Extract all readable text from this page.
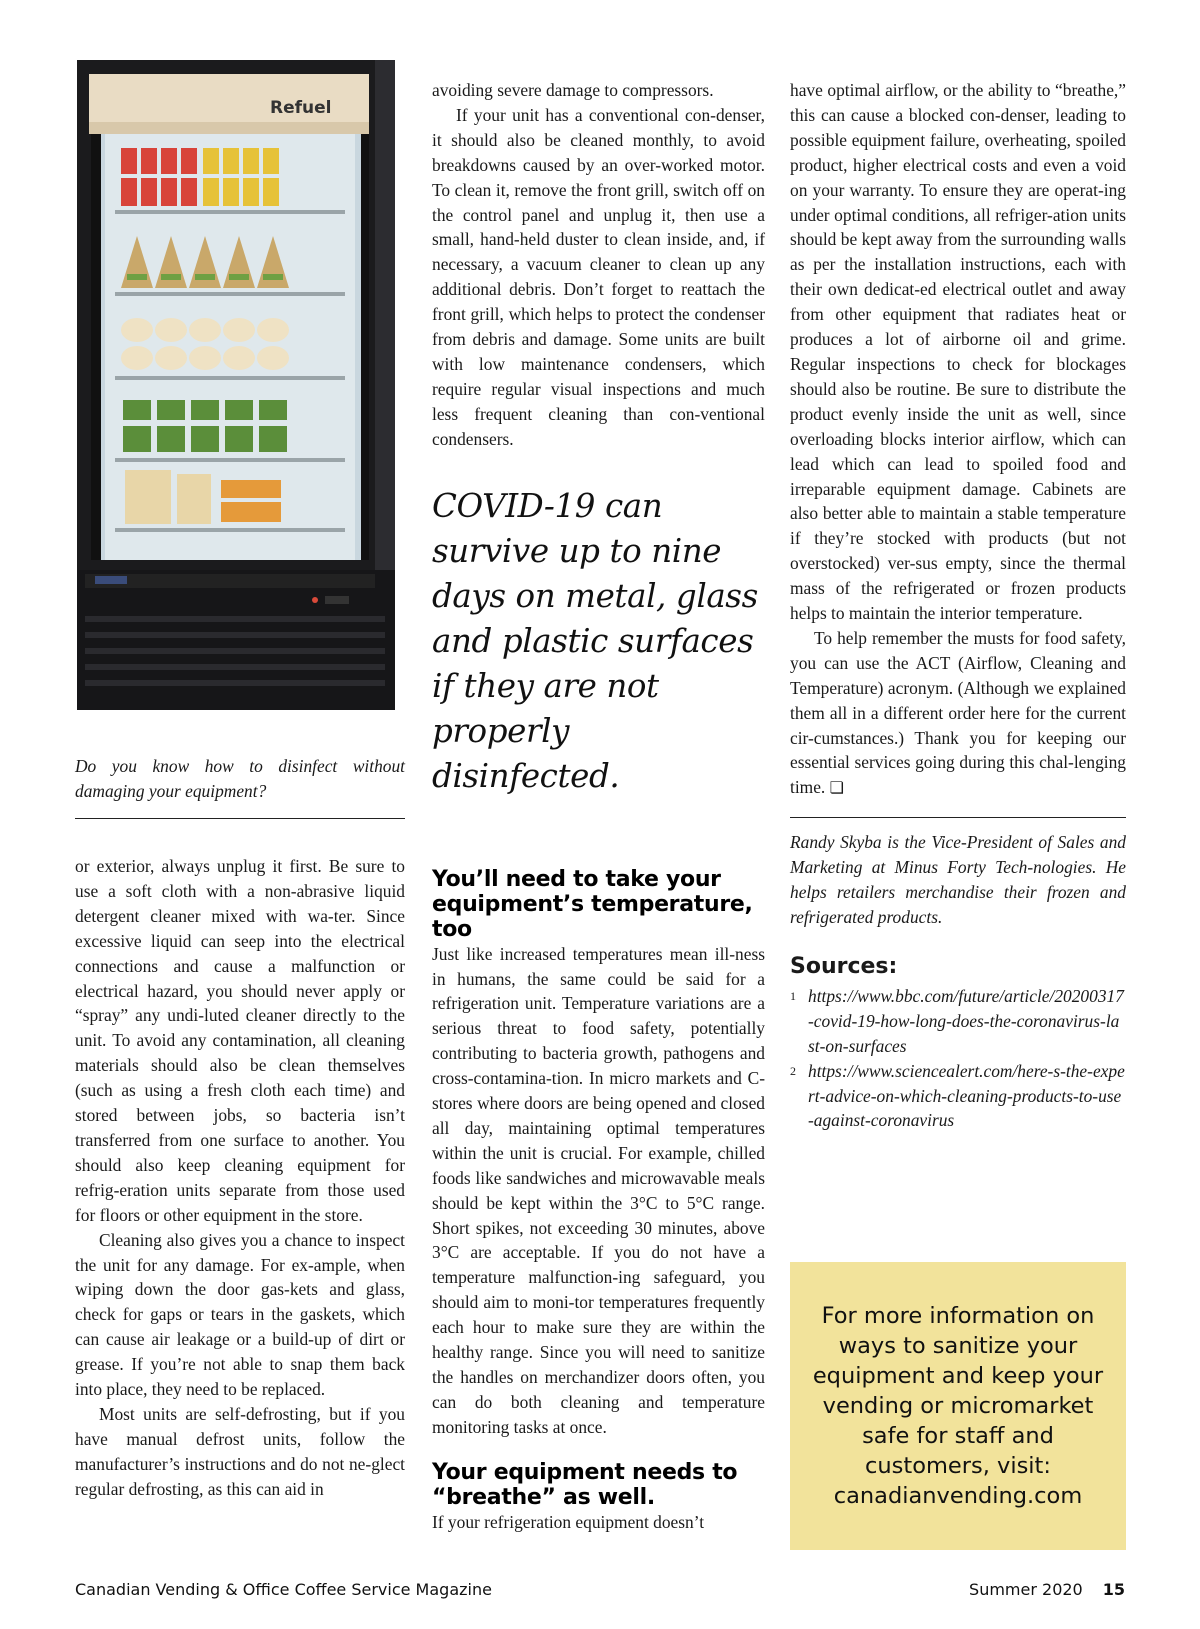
Refuel
Do you know how to disinfect without damaging your equipment?

or exterior, always unplug it first. Be sure to use a soft cloth with a non-abrasive liquid detergent cleaner mixed with wa-ter. Since excessive liquid can seep into the electrical connections and cause a malfunction or electrical hazard, you should never apply or “spray” any undi-luted cleaner directly to the unit. To avoid any contamination, all cleaning materials should also be clean themselves (such as using a fresh cloth each time) and stored between jobs, so bacteria isn’t transferred from one surface to another. You should also keep cleaning equipment for refrig-eration units separate from those used for floors or other equipment in the store.

Cleaning also gives you a chance to inspect the unit for any damage. For ex-ample, when wiping down the door gas-kets and glass, check for gaps or tears in the gaskets, which can cause air leakage or a build-up of dirt or grease. If you’re not able to snap them back into place, they need to be replaced.

Most units are self-defrosting, but if you have manual defrost units, follow the manufacturer’s instructions and do not ne-glect regular defrosting, as this can aid in

avoiding severe damage to compressors.

If your unit has a conventional con-denser, it should also be cleaned monthly, to avoid breakdowns caused by an over-worked motor. To clean it, remove the front grill, switch off on the control panel and unplug it, then use a small, hand-held duster to clean inside, and, if necessary, a vacuum cleaner to clean up any additional debris. Don’t forget to reattach the front grill, which helps to protect the condenser from debris and damage. Some units are built with low maintenance condensers, which require regular visual inspections and much less frequent cleaning than con-ventional condensers.

COVID-19 can survive up to nine days on metal, glass and plastic surfaces if they are not properly disinfected.
You’ll need to take your equipment’s temperature, too

Just like increased temperatures mean ill-ness in humans, the same could be said for a refrigeration unit. Temperature variations are a serious threat to food safety, potentially contributing to bacteria growth, pathogens and cross-contamina-tion. In micro markets and C-stores where doors are being opened and closed all day, maintaining optimal temperatures within the unit is crucial. For example, chilled foods like sandwiches and microwavable meals should be kept within the 3°C to 5°C range. Short spikes, not exceeding 30 minutes, above 3°C are acceptable. If you do not have a temperature malfunction-ing safeguard, you should aim to moni-tor temperatures frequently each hour to make sure they are within the healthy range. Since you will need to sanitize the handles on merchandizer doors often, you can do both cleaning and temperature monitoring tasks at once.

Your equipment needs to “breathe” as well.

If your refrigeration equipment doesn’t

have optimal airflow, or the ability to “breathe,” this can cause a blocked con-denser, leading to possible equipment failure, overheating, spoiled product, higher electrical costs and even a void on your warranty. To ensure they are operat-ing under optimal conditions, all refriger-ation units should be kept away from the surrounding walls as per the installation instructions, each with their own dedicat-ed electrical outlet and away from other equipment that radiates heat or produces a lot of airborne oil and grime. Regular inspections to check for blockages should also be routine. Be sure to distribute the product evenly inside the unit as well, since overloading blocks interior airflow, which can lead which can lead to spoiled food and irreparable equipment damage. Cabinets are also better able to maintain a stable temperature if they’re stocked with products (but not overstocked) ver-sus empty, since the thermal mass of the refrigerated or frozen products helps to maintain the interior temperature.

To help remember the musts for food safety, you can use the ACT (Airflow, Cleaning and Temperature) acronym. (Although we explained them all in a different order here for the current cir-cumstances.) Thank you for keeping our essential services going during this chal-lenging time. ❏

Randy Skyba is the Vice-President of Sales and Marketing at Minus Forty Tech-nologies. He helps retailers merchandise their frozen and refrigerated products.

Sources:
1 https://www.bbc.com/future/article/20200317-covid-19-how-long-does-the-coronavirus-last-on-surfaces
2 https://www.sciencealert.com/here-s-the-expert-advice-on-which-cleaning-products-to-use-against-coronavirus
For more information on ways to sanitize your equipment and keep your vending or micromarket safe for staff and customers, visit: canadianvending.com
Canadian Vending & Office Coffee Service Magazine	Summer 2020 15
